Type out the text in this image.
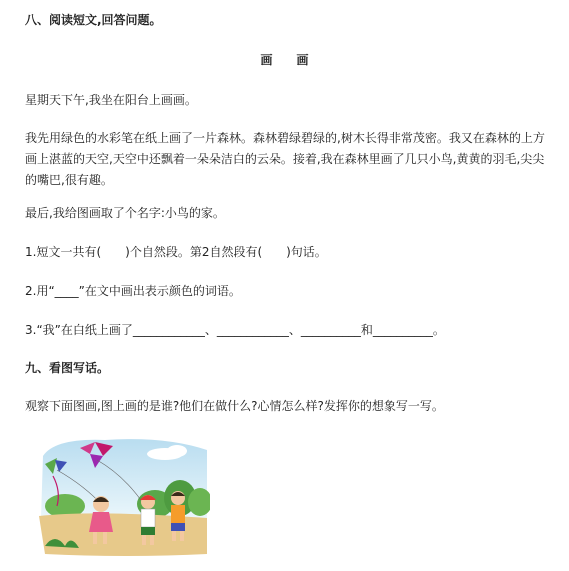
八、阅读短文,回答问题。
画　　画
星期天下午,我坐在阳台上画画。
我先用绿色的水彩笔在纸上画了一片森林。森林碧绿碧绿的,树木长得非常茂密。我又在森林的上方画上湛蓝的天空,天空中还飘着一朵朵洁白的云朵。接着,我在森林里画了几只小鸟,黄黄的羽毛,尖尖的嘴巴,很有趣。
最后,我给图画取了个名字:小鸟的家。
1.短文一共有(　　)个自然段。第2自然段有(　　)句话。
2.用“____”在文中画出表示颜色的词语。
3.“我”在白纸上画了____________、____________、__________和__________。
九、看图写话。
观察下面图画,图上画的是谁?他们在做什么?心情怎么样?发挥你的想象写一写。
